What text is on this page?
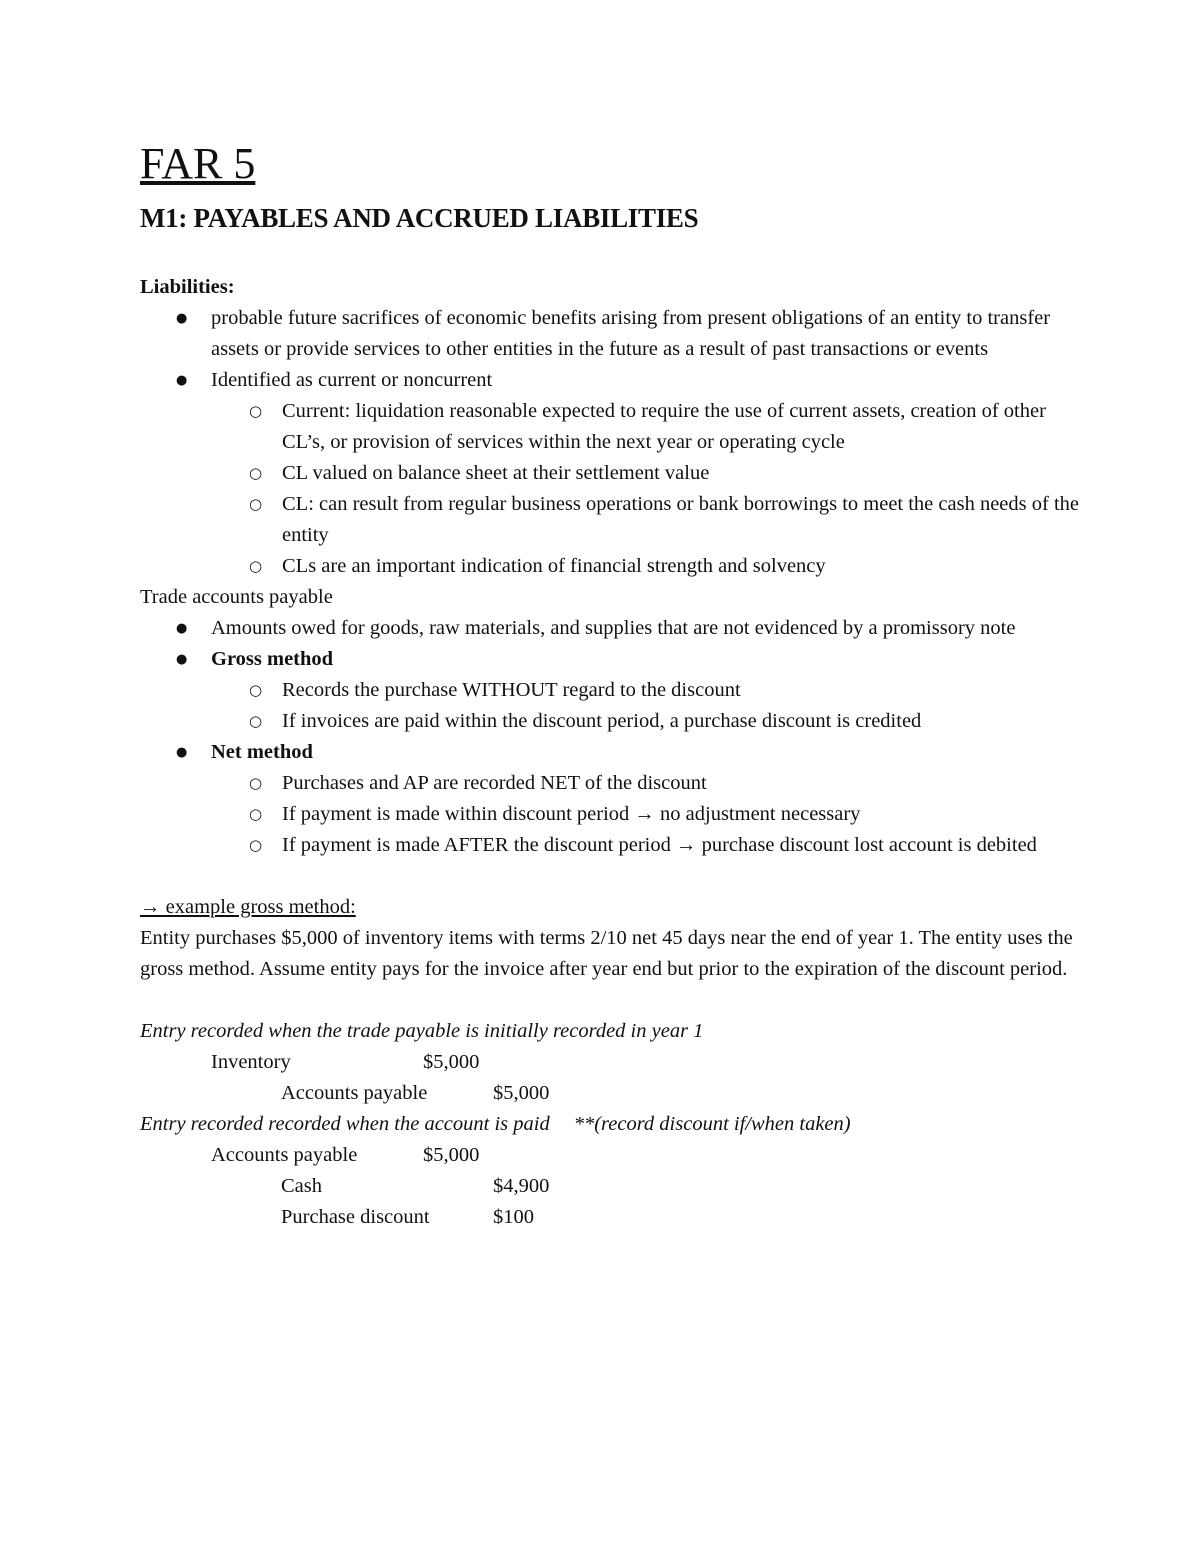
FAR 5
M1: PAYABLES AND ACCRUED LIABILITIES

Liabilities:

● probable future sacrifices of economic benefits arising from present obligations of an entity to transfer assets or provide services to other entities in the future as a result of past transactions or events
● Identified as current or noncurrent
○ Current: liquidation reasonable expected to require the use of current assets, creation of other CL’s, or provision of services within the next year or operating cycle
○ CL valued on balance sheet at their settlement value
○ CL: can result from regular business operations or bank borrowings to meet the cash needs of the entity
○ CLs are an important indication of financial strength and solvency

Trade accounts payable

● Amounts owed for goods, raw materials, and supplies that are not evidenced by a promissory note
● Gross method
○ Records the purchase WITHOUT regard to the discount
○ If invoices are paid within the discount period, a purchase discount is credited
● Net method
○ Purchases and AP are recorded NET of the discount
○ If payment is made within discount period → no adjustment necessary
○ If payment is made AFTER the discount period → purchase discount lost account is debited

→ example gross method:

Entity purchases $5,000 of inventory items with terms 2/10 net 45 days near the end of year 1. The entity uses the gross method. Assume entity pays for the invoice after year end but prior to the expiration of the discount period.

Entry recorded when the trade payable is initially recorded in year 1

Inventory	$5,000
Accounts payable	$5,000

Entry recorded recorded when the account is paid **(record discount if/when taken)

Accounts payable	$5,000
Cash	$4,900
Purchase discount	$100
